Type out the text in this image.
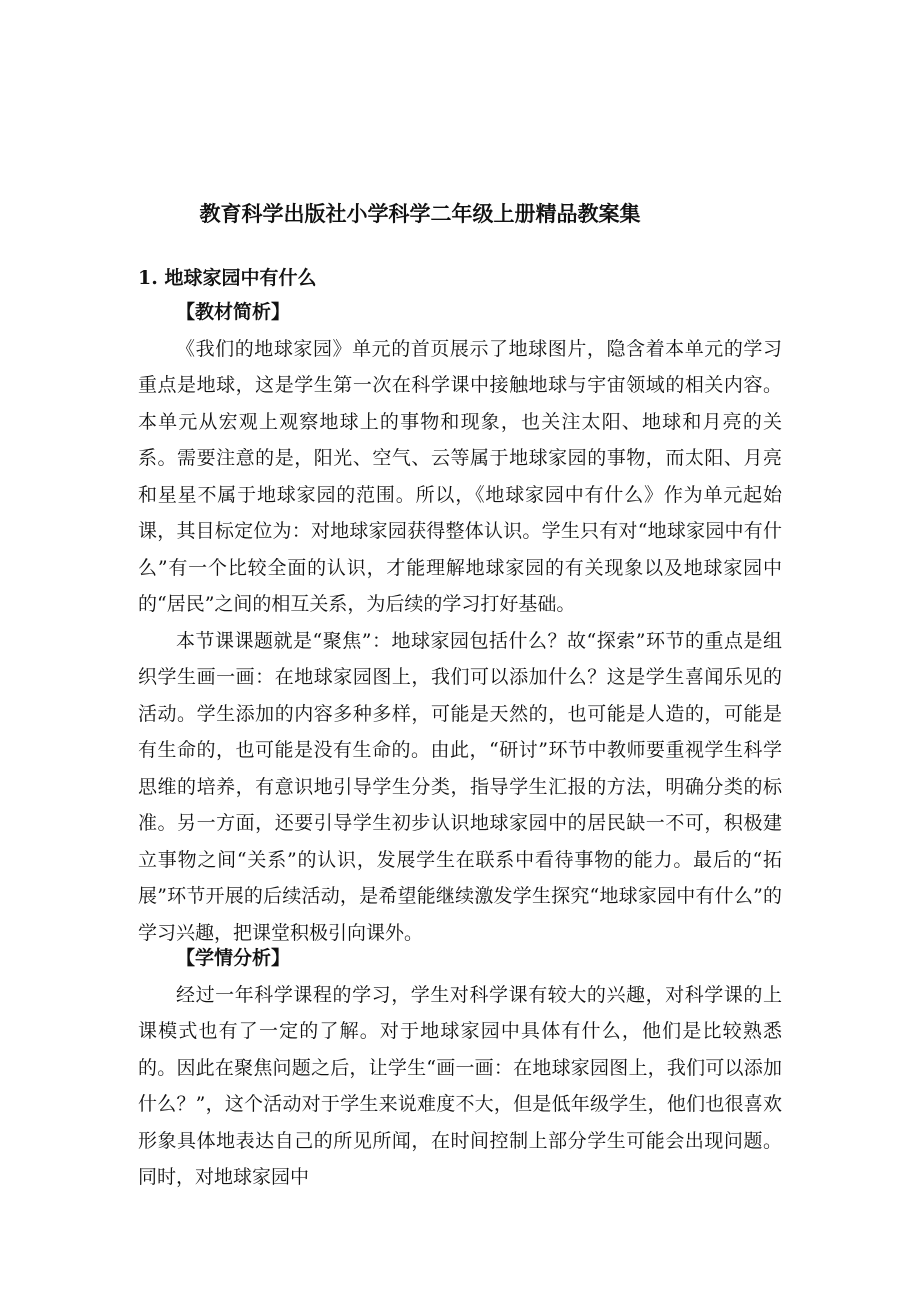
教育科学出版社小学科学二年级上册精品教案集
1. 地球家园中有什么

【教材简析】

《我们的地球家园》单元的首页展示了地球图片，隐含着本单元的学习重点是地球，这是学生第一次在科学课中接触地球与宇宙领域的相关内容。本单元从宏观上观察地球上的事物和现象，也关注太阳、地球和月亮的关系。需要注意的是，阳光、空气、云等属于地球家园的事物，而太阳、月亮和星星不属于地球家园的范围。所以，《地球家园中有什么》作为单元起始课，其目标定位为：对地球家园获得整体认识。学生只有对“地球家园中有什么”有一个比较全面的认识，才能理解地球家园的有关现象以及地球家园中的“居民”之间的相互关系，为后续的学习打好基础。

本节课课题就是“聚焦”：地球家园包括什么？故“探索”环节的重点是组织学生画一画：在地球家园图上，我们可以添加什么？这是学生喜闻乐见的活动。学生添加的内容多种多样，可能是天然的，也可能是人造的，可能是有生命的，也可能是没有生命的。由此，“研讨”环节中教师要重视学生科学思维的培养，有意识地引导学生分类，指导学生汇报的方法，明确分类的标准。另一方面，还要引导学生初步认识地球家园中的居民缺一不可，积极建立事物之间“关系”的认识，发展学生在联系中看待事物的能力。最后的“拓展”环节开展的后续活动，是希望能继续激发学生探究“地球家园中有什么”的学习兴趣，把课堂积极引向课外。

【学情分析】

经过一年科学课程的学习，学生对科学课有较大的兴趣，对科学课的上课模式也有了一定的了解。对于地球家园中具体有什么，他们是比较熟悉的。因此在聚焦问题之后，让学生“画一画：在地球家园图上，我们可以添加什么？”，这个活动对于学生来说难度不大，但是低年级学生，他们也很喜欢形象具体地表达自己的所见所闻，在时间控制上部分学生可能会出现问题。同时，对地球家园中
